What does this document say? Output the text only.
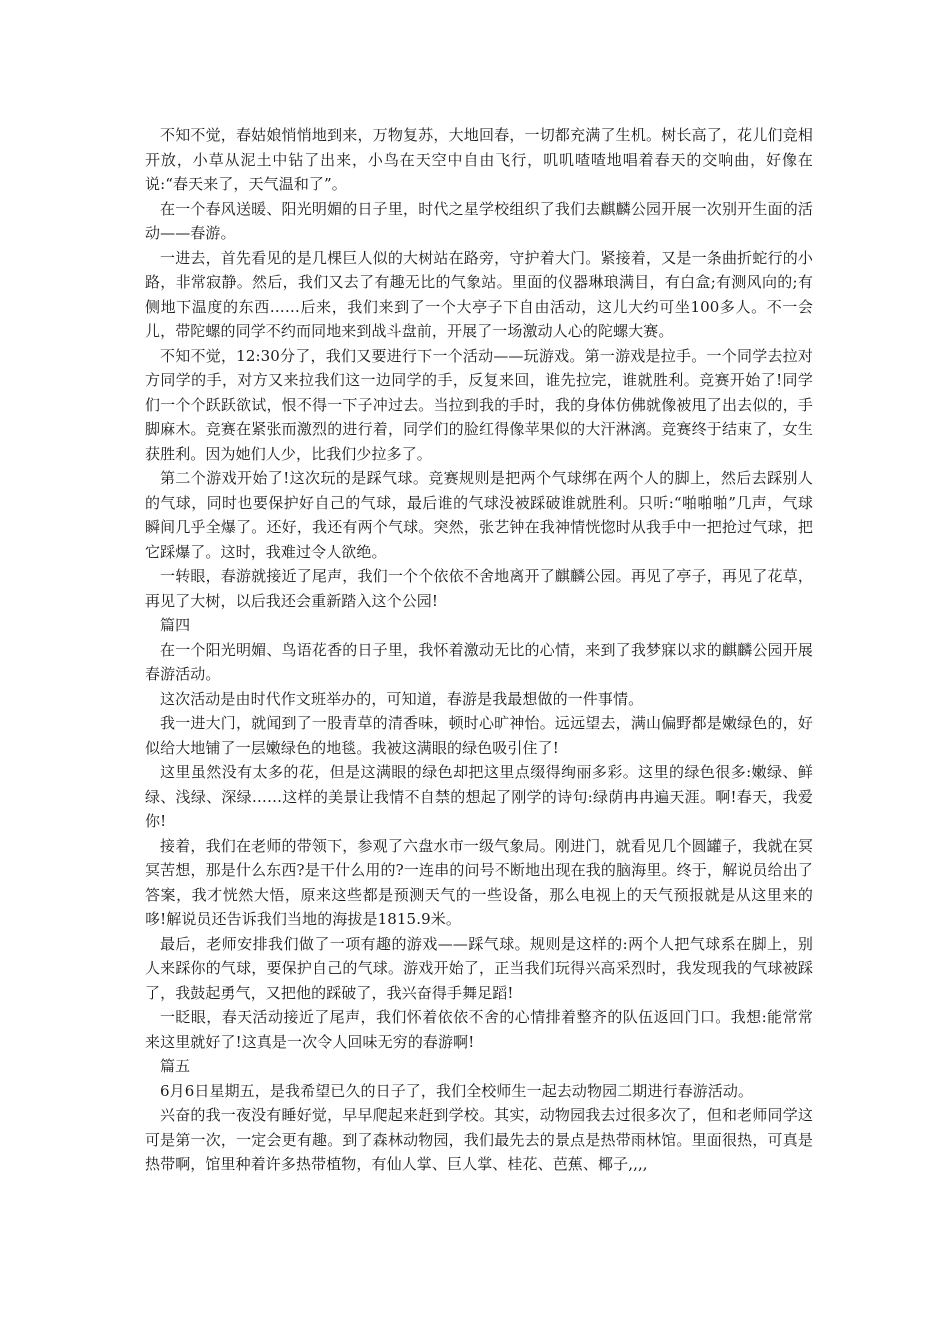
不知不觉，春姑娘悄悄地到来，万物复苏，大地回春，一切都充满了生机。树长高了，花儿们竞相开放，小草从泥土中钻了出来，小鸟在天空中自由飞行，叽叽喳喳地唱着春天的交响曲，好像在说:“春天来了，天气温和了”。

在一个春风送暖、阳光明媚的日子里，时代之星学校组织了我们去麒麟公园开展一次别开生面的活动——春游。

一进去，首先看见的是几棵巨人似的大树站在路旁，守护着大门。紧接着，又是一条曲折蛇行的小路，非常寂静。然后，我们又去了有趣无比的气象站。里面的仪器琳琅满目，有白盒;有测风向的;有侧地下温度的东西……后来，我们来到了一个大亭子下自由活动，这儿大约可坐100多人。不一会儿，带陀螺的同学不约而同地来到战斗盘前，开展了一场激动人心的陀螺大赛。

不知不觉，12:30分了，我们又要进行下一个活动——玩游戏。第一游戏是拉手。一个同学去拉对方同学的手，对方又来拉我们这一边同学的手，反复来回，谁先拉完，谁就胜利。竞赛开始了!同学们一个个跃跃欲试，恨不得一下子冲过去。当拉到我的手时，我的身体仿佛就像被甩了出去似的，手脚麻木。竞赛在紧张而激烈的进行着，同学们的脸红得像苹果似的大汗淋漓。竞赛终于结束了，女生获胜利。因为她们人少，比我们少拉多了。

第二个游戏开始了!这次玩的是踩气球。竞赛规则是把两个气球绑在两个人的脚上，然后去踩别人的气球，同时也要保护好自己的气球，最后谁的气球没被踩破谁就胜利。只听:“啪啪啪”几声，气球瞬间几乎全爆了。还好，我还有两个气球。突然，张艺钟在我神情恍惚时从我手中一把抢过气球，把它踩爆了。这时，我难过令人欲绝。

一转眼，春游就接近了尾声，我们一个个依依不舍地离开了麒麟公园。再见了亭子，再见了花草，再见了大树，以后我还会重新踏入这个公园!

篇四

在一个阳光明媚、鸟语花香的日子里，我怀着激动无比的心情，来到了我梦寐以求的麒麟公园开展春游活动。

这次活动是由时代作文班举办的，可知道，春游是我最想做的一件事情。

我一进大门，就闻到了一股青草的清香味，顿时心旷神怡。远远望去，满山偏野都是嫩绿色的，好似给大地铺了一层嫩绿色的地毯。我被这满眼的绿色吸引住了!

这里虽然没有太多的花，但是这满眼的绿色却把这里点缀得绚丽多彩。这里的绿色很多:嫩绿、鲜绿、浅绿、深绿……这样的美景让我情不自禁的想起了刚学的诗句:绿荫冉冉遍天涯。啊!春天，我爱你!

接着，我们在老师的带领下，参观了六盘水市一级气象局。刚进门，就看见几个圆罐子，我就在冥冥苦想，那是什么东西?是干什么用的?一连串的问号不断地出现在我的脑海里。终于，解说员给出了答案，我才恍然大悟，原来这些都是预测天气的一些设备，那么电视上的天气预报就是从这里来的哆!解说员还告诉我们当地的海拔是1815.9米。

最后，老师安排我们做了一项有趣的游戏——踩气球。规则是这样的:两个人把气球系在脚上，别人来踩你的气球，要保护自己的气球。游戏开始了，正当我们玩得兴高采烈时，我发现我的气球被踩了，我鼓起勇气，又把他的踩破了，我兴奋得手舞足蹈!

一眨眼，春天活动接近了尾声，我们怀着依依不舍的心情排着整齐的队伍返回门口。我想:能常常来这里就好了!这真是一次令人回味无穷的春游啊!

篇五

6月6日星期五，是我希望已久的日子了，我们全校师生一起去动物园二期进行春游活动。

兴奋的我一夜没有睡好觉，早早爬起来赶到学校。其实，动物园我去过很多次了，但和老师同学这可是第一次，一定会更有趣。到了森林动物园，我们最先去的景点是热带雨林馆。里面很热，可真是热带啊，馆里种着许多热带植物，有仙人掌、巨人掌、桂花、芭蕉、椰子,,,,
